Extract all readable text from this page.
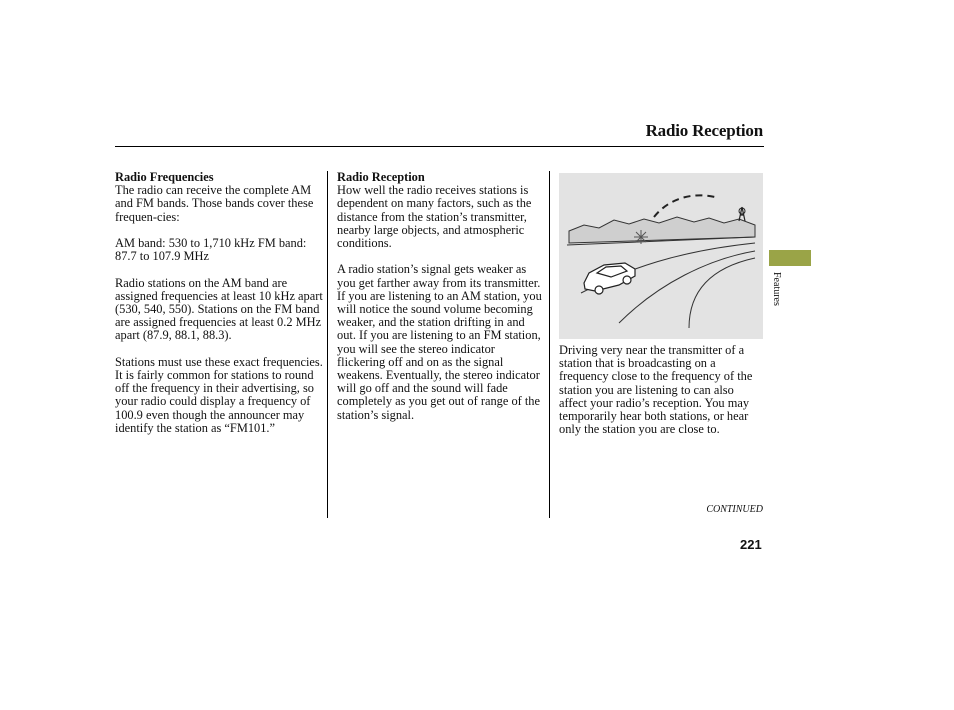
Radio Reception
Radio Frequencies

The radio can receive the complete AM and FM bands. Those bands cover these frequen-cies:

AM band: 530 to 1,710 kHz FM band: 87.7 to 107.9 MHz

Radio stations on the AM band are assigned frequencies at least 10 kHz apart (530, 540, 550). Stations on the FM band are assigned frequencies at least 0.2 MHz apart (87.9, 88.1, 88.3).

Stations must use these exact frequencies. It is fairly common for stations to round off the frequency in their advertising, so your radio could display a frequency of 100.9 even though the announcer may identify the station as “FM101.”

Radio Reception

How well the radio receives stations is dependent on many factors, such as the distance from the station’s transmitter, nearby large objects, and atmospheric conditions.

A radio station’s signal gets weaker as you get farther away from its transmitter. If you are listening to an AM station, you will notice the sound volume becoming weaker, and the station drifting in and out. If you are listening to an FM station, you will see the stereo indicator flickering off and on as the signal weakens. Eventually, the stereo indicator will go off and the sound will fade completely as you get out of range of the station’s signal.

Driving very near the transmitter of a station that is broadcasting on a frequency close to the frequency of the station you are listening to can also affect your radio’s reception. You may temporarily hear both stations, or hear only the station you are close to.

Features
CONTINUED
221
